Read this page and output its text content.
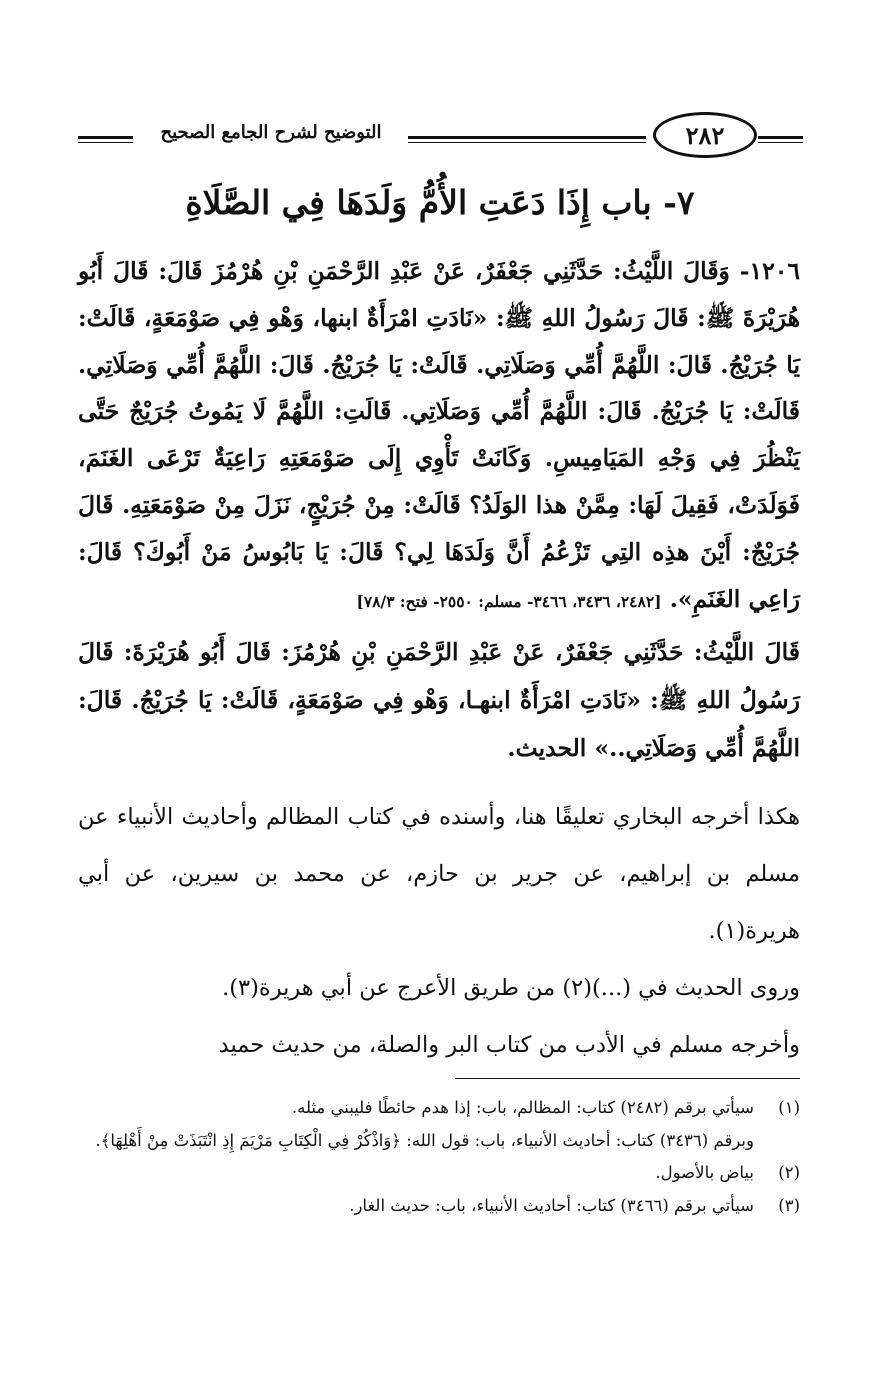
التوضيح لشرح الجامع الصحيح	٢٨٢
٧- باب إِذَا دَعَتِ الأُمُّ وَلَدَهَا فِي الصَّلَاةِ
١٢٠٦- وَقَالَ اللَّيْثُ: حَدَّثَنِي جَعْفَرٌ، عَنْ عَبْدِ الرَّحْمَنِ بْنِ هُرْمُزَ قَالَ: قَالَ أَبُو هُرَيْرَةَ ﷺ: قَالَ رَسُولُ اللهِ ﷺ: «نَادَتِ امْرَأَةٌ ابنها، وَهْو فِي صَوْمَعَةٍ، قَالَتْ: يَا جُرَيْجُ. قَالَ: اللَّهُمَّ أُمِّي وَصَلَاتِي. قَالَتْ: يَا جُرَيْجُ. قَالَ: اللَّهُمَّ أُمِّي وَصَلَاتِي. قَالَتْ: يَا جُرَيْجُ. قَالَ: اللَّهُمَّ أُمِّي وَصَلَاتِي. قَالَتِ: اللَّهُمَّ لَا يَمُوتُ جُرَيْجٌ حَتَّى يَنْظُرَ فِي وَجْهِ المَيَامِيسِ. وَكَانَتْ تَأْوِي إِلَى صَوْمَعَتِهِ رَاعِيَةٌ تَرْعَى الغَنَمَ، فَوَلَدَتْ، فَقِيلَ لَهَا: مِمَّنْ هذا الوَلَدُ؟ قَالَتْ: مِنْ جُرَيْجٍ، نَزَلَ مِنْ صَوْمَعَتِهِ. قَالَ جُرَيْجٌ: أَيْنَ هذِه التِي تَزْعُمُ أَنَّ وَلَدَهَا لِي؟ قَالَ: يَا بَابُوسُ مَنْ أَبُوكَ؟ قَالَ: رَاعِي الغَنَمِ». [٢٤٨٢، ٣٤٣٦، ٣٤٦٦- مسلم: ٢٥٥٠- فتح: ٧٨/٣]
قَالَ اللَّيْثُ: حَدَّثَنِي جَعْفَرٌ، عَنْ عَبْدِ الرَّحْمَنِ بْنِ هُرْمُزَ: قَالَ أَبُو هُرَيْرَةَ: قَالَ رَسُولُ اللهِ ﷺ: «نَادَتِ امْرَأَةٌ ابنهـا، وَهْو فِي صَوْمَعَةٍ، قَالَتْ: يَا جُرَيْجُ. قَالَ: اللَّهُمَّ أُمِّي وَصَلَاتِي..» الحديث.
هكذا أخرجه البخاري تعليقًا هنا، وأسنده في كتاب المظالم وأحاديث الأنبياء عن مسلم بن إبراهيم، عن جرير بن حازم، عن محمد بن سيرين، عن أبي هريرة(١).
وروى الحديث في (...)(٢) من طريق الأعرج عن أبي هريرة(٣).
وأخرجه مسلم في الأدب من كتاب البر والصلة، من حديث حميد
(١)
سيأتي برقم (٢٤٨٢) كتاب: المظالم، باب: إذا هدم حائطًا فليبني مثله.
وبرقم (٣٤٣٦) كتاب: أحاديث الأنبياء، باب: قول الله: ﴿وَاذْكُرْ فِي الْكِتَابِ مَرْيَمَ إِذِ انْتَبَذَتْ مِنْ أَهْلِهَا﴾.
(٢)
بياض بالأصول.
(٣)
سيأتي برقم (٣٤٦٦) كتاب: أحاديث الأنبياء، باب: حديث الغار.
